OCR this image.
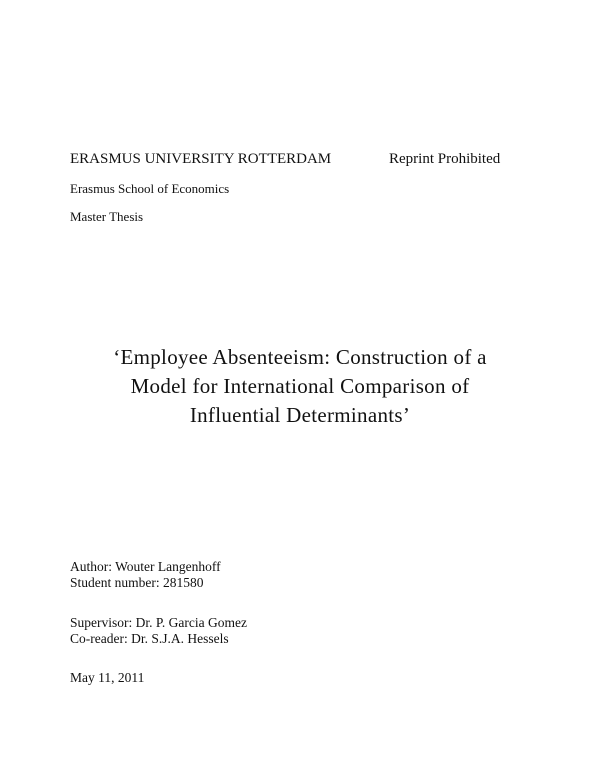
ERASMUS UNIVERSITY ROTTERDAM	Reprint Prohibited
Erasmus School of Economics
Master Thesis
‘Employee Absenteeism: Construction of a
Model for International Comparison of
Influential Determinants’
Author: Wouter Langenhoff
Student number: 281580
Supervisor: Dr. P. Garcia Gomez
Co-reader: Dr. S.J.A. Hessels
May 11, 2011
